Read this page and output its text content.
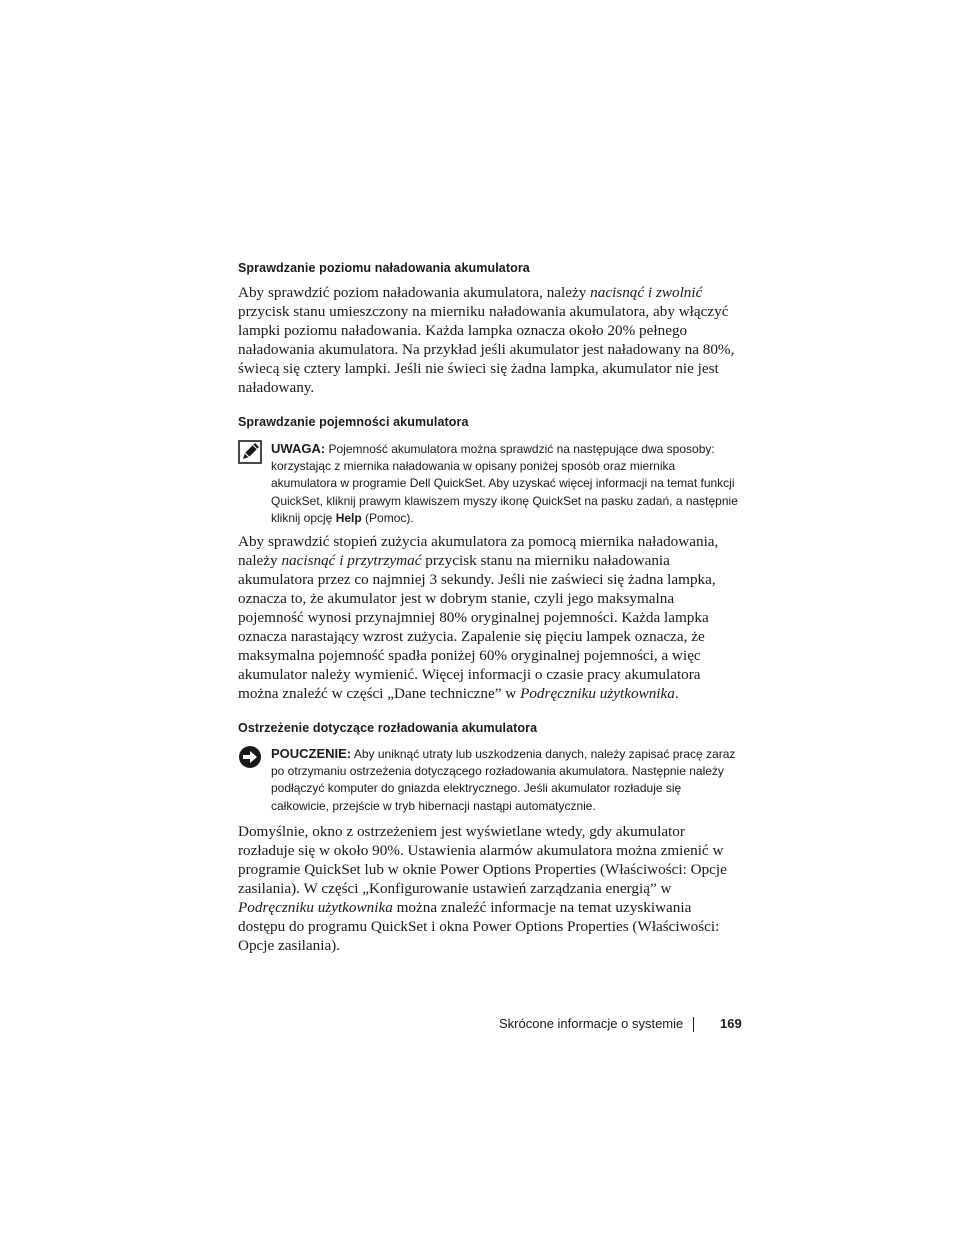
Sprawdzanie poziomu naładowania akumulatora

Aby sprawdzić poziom naładowania akumulatora, należy nacisnąć i zwolnić przycisk stanu umieszczony na mierniku naładowania akumulatora, aby włączyć lampki poziomu naładowania. Każda lampka oznacza około 20% pełnego naładowania akumulatora. Na przykład jeśli akumulator jest naładowany na 80%, świecą się cztery lampki. Jeśli nie świeci się żadna lampka, akumulator nie jest naładowany.

Sprawdzanie pojemności akumulatora
UWAGA: Pojemność akumulatora można sprawdzić na następujące dwa sposoby: korzystając z miernika naładowania w opisany poniżej sposób oraz miernika akumulatora w programie Dell QuickSet. Aby uzyskać więcej informacji na temat funkcji QuickSet, kliknij prawym klawiszem myszy ikonę QuickSet na pasku zadań, a następnie kliknij opcję Help (Pomoc).

Aby sprawdzić stopień zużycia akumulatora za pomocą miernika naładowania, należy nacisnąć i przytrzymać przycisk stanu na mierniku naładowania akumulatora przez co najmniej 3 sekundy. Jeśli nie zaświeci się żadna lampka, oznacza to, że akumulator jest w dobrym stanie, czyli jego maksymalna pojemność wynosi przynajmniej 80% oryginalnej pojemności. Każda lampka oznacza narastający wzrost zużycia. Zapalenie się pięciu lampek oznacza, że maksymalna pojemność spadła poniżej 60% oryginalnej pojemności, a więc akumulator należy wymienić. Więcej informacji o czasie pracy akumulatora można znaleźć w części „Dane techniczne” w Podręczniku użytkownika.

Ostrzeżenie dotyczące rozładowania akumulatora
POUCZENIE: Aby uniknąć utraty lub uszkodzenia danych, należy zapisać pracę zaraz po otrzymaniu ostrzeżenia dotyczącego rozładowania akumulatora. Następnie należy podłączyć komputer do gniazda elektrycznego. Jeśli akumulator rozładuje się całkowicie, przejście w tryb hibernacji nastąpi automatycznie.

Domyślnie, okno z ostrzeżeniem jest wyświetlane wtedy, gdy akumulator rozładuje się w około 90%. Ustawienia alarmów akumulatora można zmienić w programie QuickSet lub w oknie Power Options Properties (Właściwości: Opcje zasilania). W części „Konfigurowanie ustawień zarządzania energią” w Podręczniku użytkownika można znaleźć informacje na temat uzyskiwania dostępu do programu QuickSet i okna Power Options Properties (Właściwości: Opcje zasilania).

Skrócone informacje o systemie	169
